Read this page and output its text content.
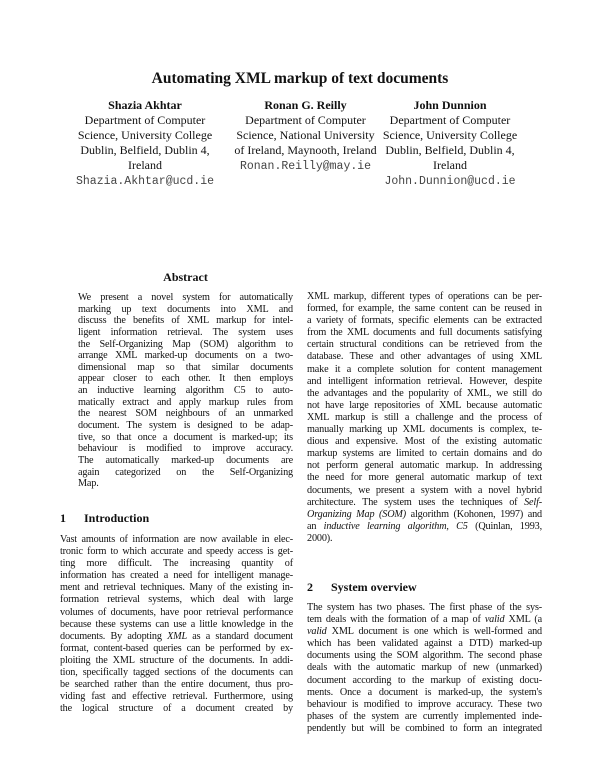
Automating XML markup of text documents
Shazia Akhtar
Department of Computer
Science, University College
Dublin, Belfield, Dublin 4,
Ireland
Shazia.Akhtar@ucd.ie
Ronan G. Reilly
Department of Computer
Science, National University
of Ireland, Maynooth, Ireland
Ronan.Reilly@may.ie
John Dunnion
Department of Computer
Science, University College
Dublin, Belfield, Dublin 4,
Ireland
John.Dunnion@ucd.ie
Abstract
We present a novel system for automatically
marking up text documents into XML and
discuss the benefits of XML markup for intel-
ligent information retrieval. The system uses
the Self-Organizing Map (SOM) algorithm to
arrange XML marked-up documents on a two-
dimensional map so that similar documents
appear closer to each other. It then employs
an inductive learning algorithm C5 to auto-
matically extract and apply markup rules from
the nearest SOM neighbours of an unmarked
document. The system is designed to be adap-
tive, so that once a document is marked-up; its
behaviour is modified to improve accuracy.
The automatically marked-up documents are
again categorized on the Self-Organizing
Map.
1 Introduction
Vast amounts of information are now available in elec-
tronic form to which accurate and speedy access is get-
ting more difficult. The increasing quantity of
information has created a need for intelligent manage-
ment and retrieval techniques. Many of the existing in-
formation retrieval systems, which deal with large
volumes of documents, have poor retrieval performance
because these systems can use a little knowledge in the
documents. By adopting XML as a standard document
format, content-based queries can be performed by ex-
ploiting the XML structure of the documents. In addi-
tion, specifically tagged sections of the documents can
be searched rather than the entire document, thus pro-
viding fast and effective retrieval. Furthermore, using
the logical structure of a document created by
XML markup, different types of operations can be per-
formed, for example, the same content can be reused in
a variety of formats, specific elements can be extracted
from the XML documents and full documents satisfying
certain structural conditions can be retrieved from the
database. These and other advantages of using XML
make it a complete solution for content management
and intelligent information retrieval. However, despite
the advantages and the popularity of XML, we still do
not have large repositories of XML because automatic
XML markup is still a challenge and the process of
manually marking up XML documents is complex, te-
dious and expensive. Most of the existing automatic
markup systems are limited to certain domains and do
not perform general automatic markup. In addressing
the need for more general automatic markup of text
documents, we present a system with a novel hybrid
architecture. The system uses the techniques of Self-
Organizing Map (SOM) algorithm (Kohonen, 1997) and
an inductive learning algorithm, C5 (Quinlan, 1993,
2000).
2 System overview
The system has two phases. The first phase of the sys-
tem deals with the formation of a map of valid XML (a
valid XML document is one which is well-formed and
which has been validated against a DTD) marked-up
documents using the SOM algorithm. The second phase
deals with the automatic markup of new (unmarked)
document according to the markup of existing docu-
ments. Once a document is marked-up, the system's
behaviour is modified to improve accuracy. These two
phases of the system are currently implemented inde-
pendently but will be combined to form an integrated
